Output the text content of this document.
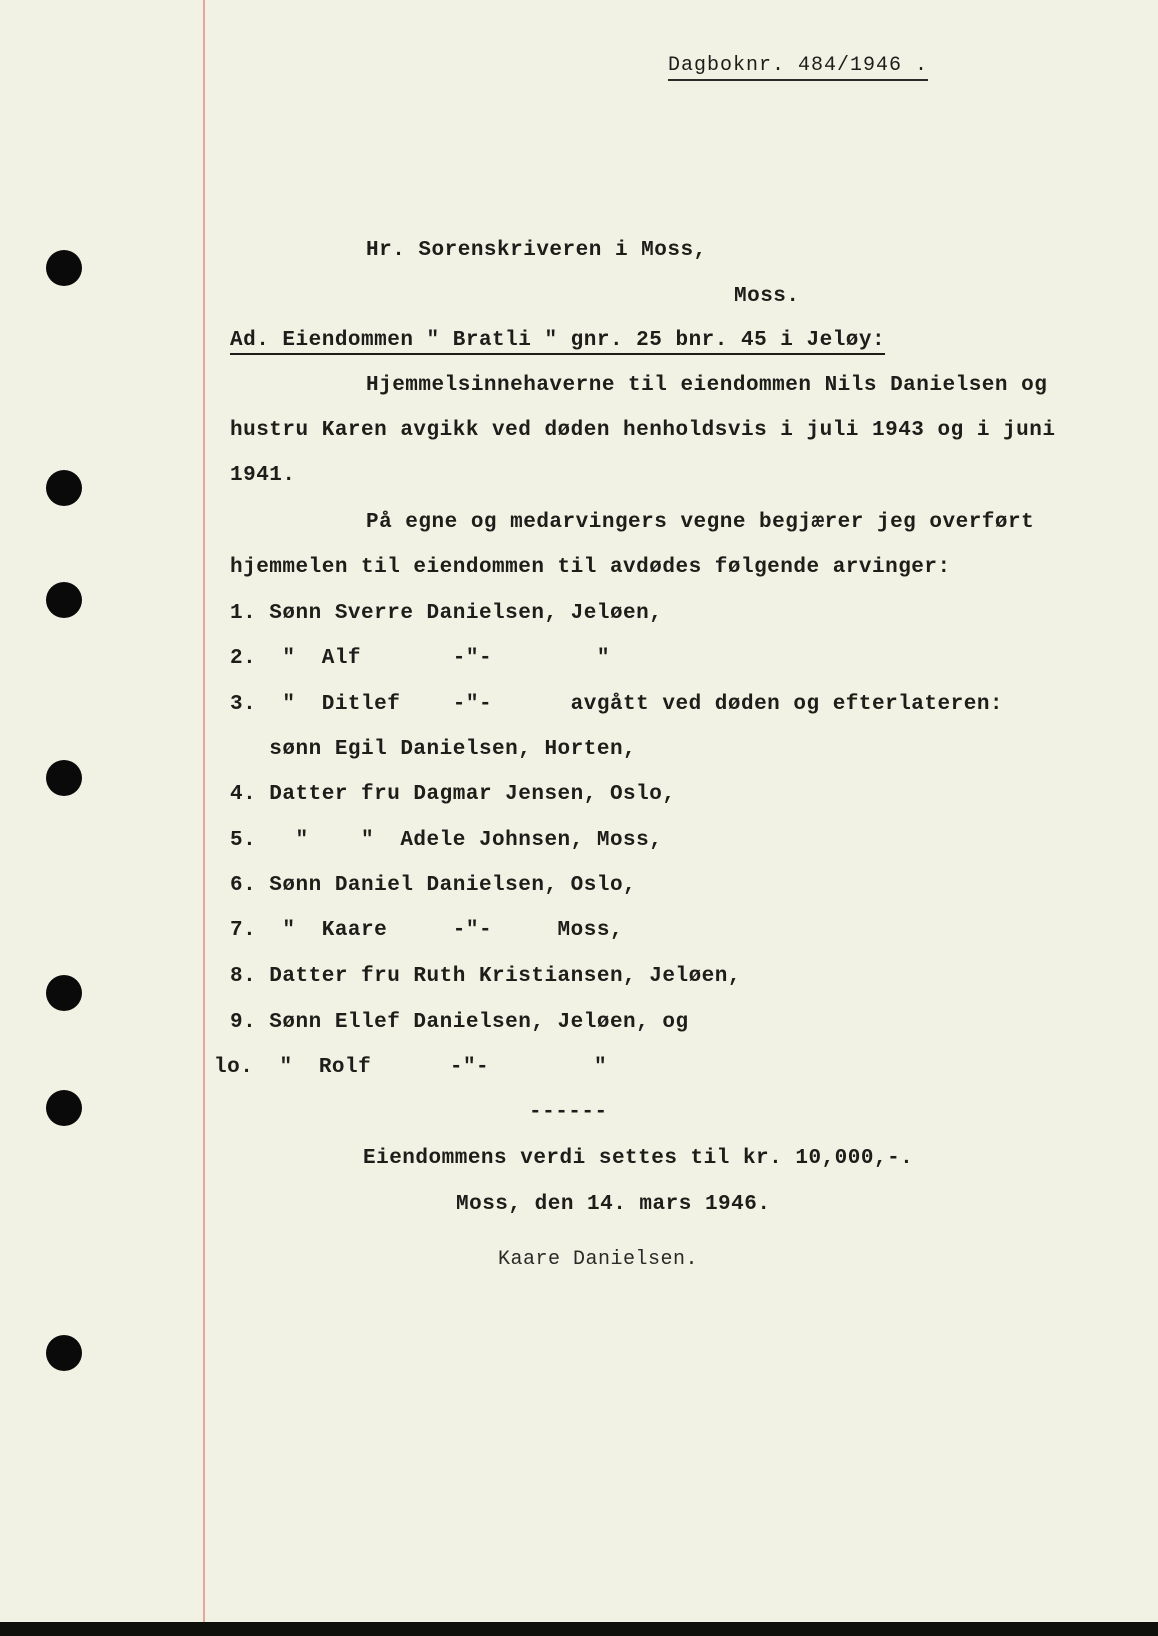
Dagboknr. 484/1946 .
Hr. Sorenskriveren i Moss,
Moss.
Ad. Eiendommen " Bratli " gnr. 25 bnr. 45 i Jeløy:
Hjemmelsinnehaverne til eiendommen Nils Danielsen og
hustru Karen avgikk ved døden henholdsvis i juli 1943 og i juni
1941.
På egne og medarvingers vegne begjærer jeg overført
hjemmelen til eiendommen til avdødes følgende arvinger:
1. Sønn Sverre Danielsen, Jeløen,
2.  "  Alf       -"-        "
3.  "  Ditlef    -"-      avgått ved døden og efterlateren:
sønn Egil Danielsen, Horten,
4. Datter fru Dagmar Jensen, Oslo,
5.   "    "  Adele Johnsen, Moss,
6. Sønn Daniel Danielsen, Oslo,
7.  "  Kaare     -"-     Moss,
8. Datter fru Ruth Kristiansen, Jeløen,
9. Sønn Ellef Danielsen, Jeløen, og
lo.  "  Rolf      -"-        "
------
Eiendommens verdi settes til kr. 10,000,-.
Moss, den 14. mars 1946.
Kaare Danielsen.
